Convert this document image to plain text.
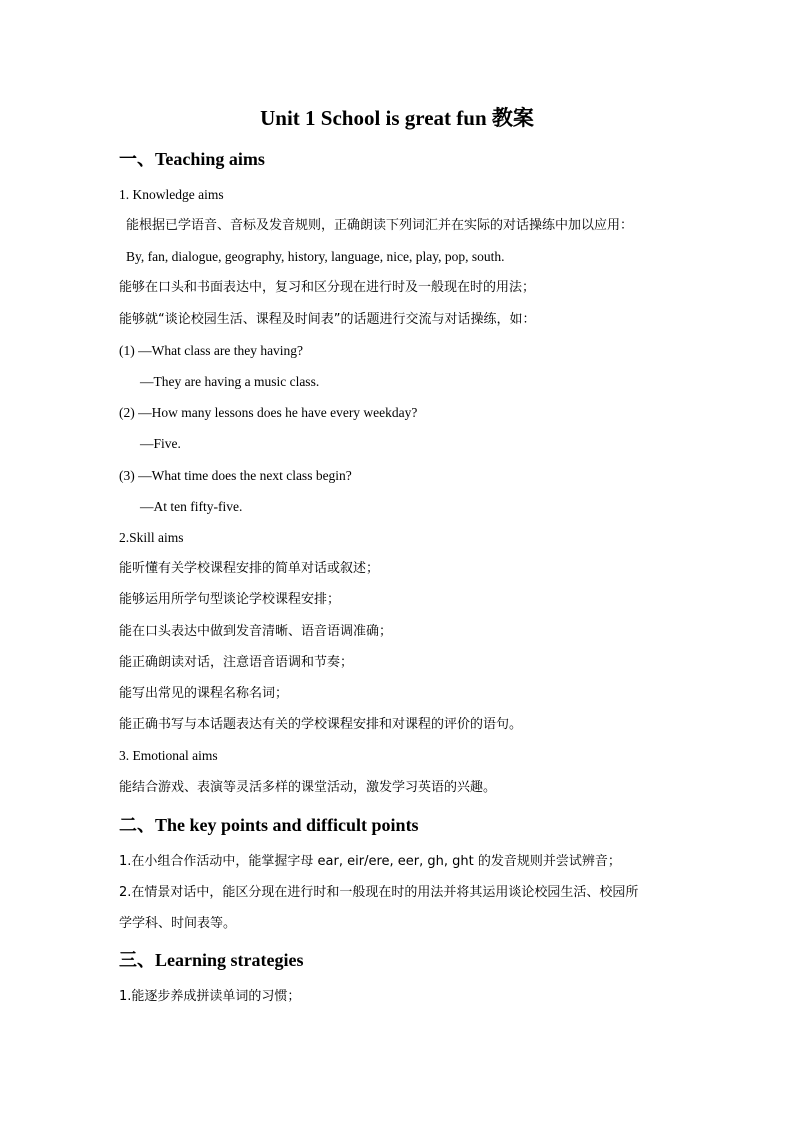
Unit 1 School is great fun 教案
一、Teaching aims
1. Knowledge aims
能根据已学语音、音标及发音规则，正确朗读下列词汇并在实际的对话操练中加以应用：
By, fan, dialogue, geography, history, language, nice, play, pop, south.
能够在口头和书面表达中，复习和区分现在进行时及一般现在时的用法；
能够就“谈论校园生活、课程及时间表”的话题进行交流与对话操练，如：
(1) —What class are they having?
—They are having a music class.
(2) —How many lessons does he have every weekday?
—Five.
(3) —What time does the next class begin?
—At ten fifty-five.
2.Skill aims
能听懂有关学校课程安排的简单对话或叙述；
能够运用所学句型谈论学校课程安排；
能在口头表达中做到发音清晰、语音语调准确；
能正确朗读对话，注意语音语调和节奏；
能写出常见的课程名称名词；
能正确书写与本话题表达有关的学校课程安排和对课程的评价的语句。
3. Emotional aims
能结合游戏、表演等灵活多样的课堂活动，激发学习英语的兴趣。
二、The key points and difficult points
1.在小组合作活动中，能掌握字母 ear, eir/ere, eer, gh, ght 的发音规则并尝试辨音；
2.在情景对话中，能区分现在进行时和一般现在时的用法并将其运用谈论校园生活、校园所
学学科、时间表等。
三、Learning strategies
1.能逐步养成拼读单词的习惯；
